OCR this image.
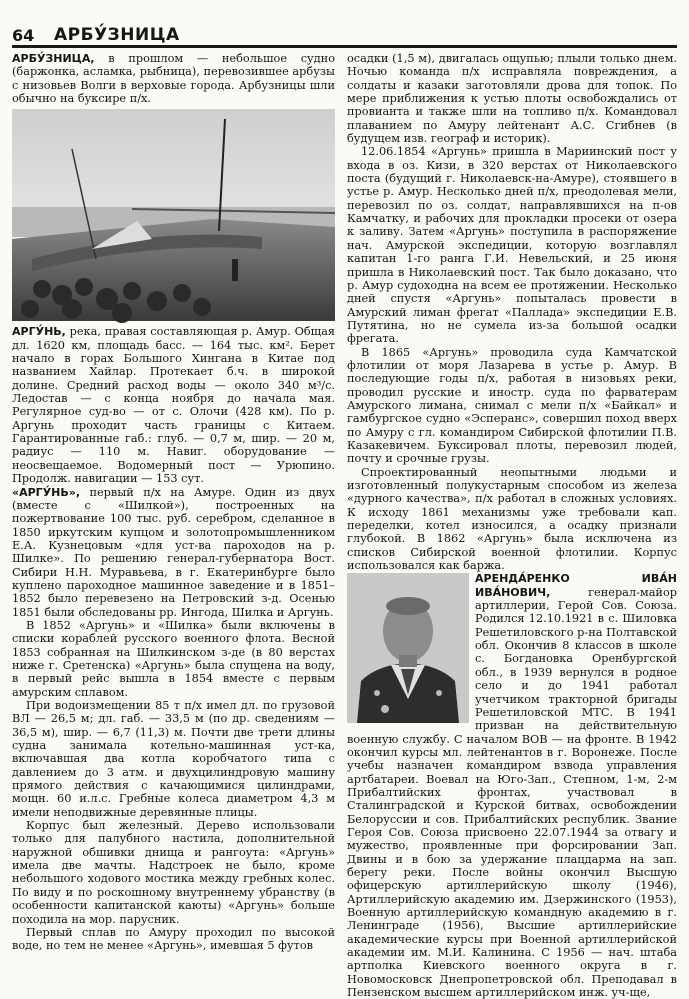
64 АРБУ́ЗНИЦА

АРБУ́ЗНИЦА, в прошлом — небольшое судно (баржонка, асламка, рыбница), перевозившее арбузы с низовьев Волги в верховые города. Арбузницы шли обычно на буксире п/х.

АРГУ́НЬ, река, правая составляющая р. Амур. Общая дл. 1620 км, площадь басс. — 164 тыс. км². Берет начало в горах Большого Хингана в Китае под названием Хайлар. Протекает б.ч. в широкой долине. Средний расход воды — около 340 м³/с. Ледостав — с конца ноября до начала мая. Регулярное суд-во — от с. Олочи (428 км). По р. Аргунь проходит часть границы с Китаем. Гарантированные габ.: глуб. — 0,7 м, шир. — 20 м, радиус — 110 м. Навиг. оборудование — неосвещаемое. Водомерный пост — Урюпино. Продолж. навигации — 153 сут.

«АРГУ́НЬ», первый п/х на Амуре. Один из двух (вместе с «Шилкой»), построенных на пожертвование 100 тыс. руб. серебром, сделанное в 1850 иркутским купцом и золотопромышленником Е.А. Кузнецовым «для уст-ва пароходов на р. Шилке». По решению генерал-губернатора Вост. Сибири Н.Н. Муравьева, в г. Екатеринбурге было куплено пароходное машинное заведение и в 1851–1852 было перевезено на Петровский з-д. Осенью 1851 были обследованы рр. Ингода, Шилка и Аргунь.

В 1852 «Аргунь» и «Шилка» были включены в списки кораблей русского военного флота. Весной 1853 собранная на Шилкинском з-де (в 80 верстах ниже г. Сретенска) «Аргунь» была спущена на воду, в первый рейс вышла в 1854 вместе с первым амурским сплавом.

При водоизмещении 85 т п/х имел дл. по грузовой ВЛ — 26,5 м; дл. габ. — 33,5 м (по др. сведениям — 36,5 м), шир. — 6,7 (11,3) м. Почти две трети длины судна занимала котельно-машинная уст-ка, включавшая два котла коробчатого типа с давлением до 3 атм. и двухцилиндровую машину прямого действия с качающимися цилиндрами, мощн. 60 и.л.с. Гребные колеса диаметром 4,3 м имели неподвижные деревянные плицы.

Корпус был железный. Дерево использовали только для палубного настила, дополнительной наружной обшивки днища и рангоута: «Аргунь» имела две мачты. Надстроек не было, кроме небольшого ходового мостика между гребных колес. По виду и по роскошному внутреннему убранству (в особенности капитанской каюты) «Аргунь» больше походила на мор. парусник.

Первый сплав по Амуру проходил по высокой воде, но тем не менее «Аргунь», имевшая 5 футов

осадки (1,5 м), двигалась ощупью; плыли только днем. Ночью команда п/х исправляла повреждения, а солдаты и казаки заготовляли дрова для топок. По мере приближения к устью плоты освобождались от провианта и также шли на топливо п/х. Командовал плаванием по Амуру лейтенант А.С. Сгибнев (в будущем изв. географ и историк).

12.06.1854 «Аргунь» пришла в Мариинский пост у входа в оз. Кизи, в 320 верстах от Николаевского поста (будущий г. Николаевск-на-Амуре), стоявшего в устье р. Амур. Несколько дней п/х, преодолевая мели, перевозил по оз. солдат, направлявшихся на п-ов Камчатку, и рабочих для прокладки просеки от озера к заливу. Затем «Аргунь» поступила в распоряжение нач. Амурской экспедиции, которую возглавлял капитан 1-го ранга Г.И. Невельский, и 25 июня пришла в Николаевский пост. Так было доказано, что р. Амур судоходна на всем ее протяжении. Несколько дней спустя «Аргунь» попыталась провести в Амурский лиман фрегат «Паллада» экспедиции Е.В. Путятина, но не сумела из-за большой осадки фрегата.

В 1865 «Аргунь» проводила суда Камчатской флотилии от моря Лазарева в устье р. Амур. В последующие годы п/х, работая в низовьях реки, проводил русские и иностр. суда по фарватерам Амурского лимана, снимал с мели п/х «Байкал» и гамбургское судно «Эсперанс», совершил поход вверх по Амуру с гл. командиром Сибирской флотилии П.В. Казакевичем. Буксировал плоты, перевозил людей, почту и срочные грузы.

Спроектированный неопытными людьми и изготовленный полукустарным способом из железа «дурного качества», п/х работал в сложных условиях. К исходу 1861 механизмы уже требовали кап. переделки, котел износился, а осадку признали глубокой. В 1862 «Аргунь» была исключена из списков Сибирской военной флотилии. Корпус использовался как баржа.

АРЕНДА́РЕНКО ИВА́Н ИВА́НОВИЧ, генерал-майор артиллерии, Герой Сов. Союза. Родился 12.10.1921 в с. Шиловка Решетиловского р-на Полтавской обл. Окончив 8 классов в школе с. Богдановка Оренбургской обл., в 1939 вернулся в родное село и до 1941 работал учетчиком тракторной бригады Решетиловской МТС. В 1941 призван на действительную военную службу. С началом ВОВ — на фронте. В 1942 окончил курсы мл. лейтенантов в г. Воронеже. После учебы назначен командиром взвода управления артбатареи. Воевал на Юго-Зап., Степном, 1-м, 2-м Прибалтийских фронтах, участвовал в Сталинградской и Курской битвах, освобождении Белоруссии и сов. Прибалтийских республик. Звание Героя Сов. Союза присвоено 22.07.1944 за отвагу и мужество, проявленные при форсировании Зап. Двины и в бою за удержание плацдарма на зап. берегу реки. После войны окончил Высшую офицерскую артиллерийскую школу (1946), Артиллерийскую академию им. Дзержинского (1953), Военную артиллерийскую командную академию в г. Ленинграде (1956), Высшие артиллерийские академические курсы при Военной артиллерийской академии им. М.И. Калинина. С 1956 — нач. штаба артполка Киевского военного округа в г. Новомосковск Днепропетровской обл. Преподавал в Пензенском высшем артиллерийском инж. уч-ще,
